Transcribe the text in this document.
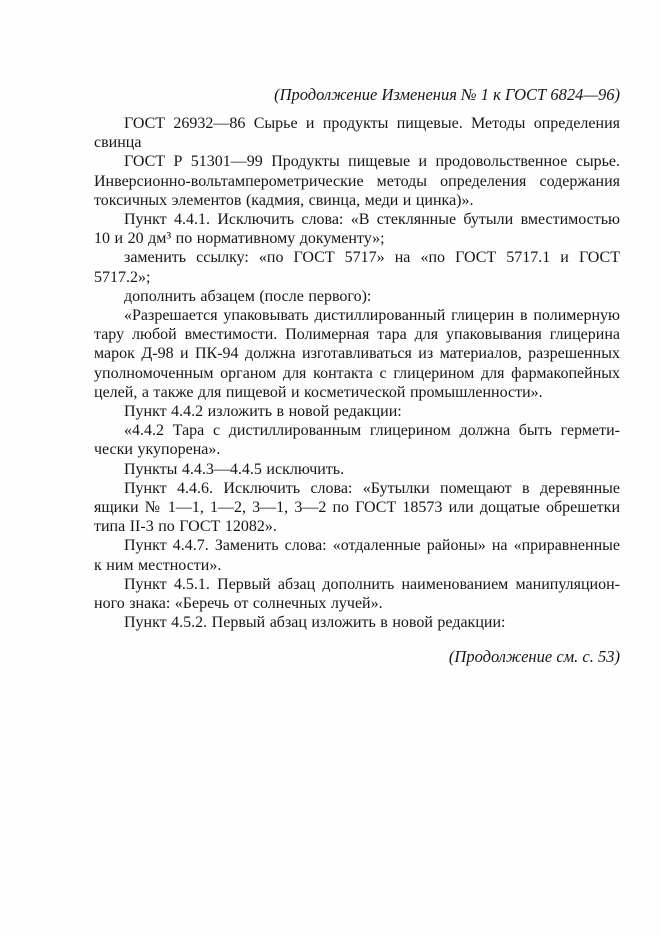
(Продолжение Изменения № 1 к ГОСТ 6824—96)

ГОСТ 26932—86 Сырье и продукты пищевые. Методы определения свинца

ГОСТ Р 51301—99 Продукты пищевые и продовольственное сырье. Инверсионно-вольтамперометрические методы определения содержания токсичных элементов (кадмия, свинца, меди и цинка)».

Пункт 4.4.1. Исключить слова: «В стеклянные бутыли вместимостью 10 и 20 дм³ по нормативному документу»;

заменить ссылку: «по ГОСТ 5717» на «по ГОСТ 5717.1 и ГОСТ 5717.2»;

дополнить абзацем (после первого):

«Разрешается упаковывать дистиллированный глицерин в полимерную тару любой вместимости. Полимерная тара для упаковывания глицерина марок Д-98 и ПК-94 должна изготавливаться из материалов, разрешенных уполномоченным органом для контакта с глицерином для фармакопейных целей, а также для пищевой и косметической промышленности».

Пункт 4.4.2 изложить в новой редакции:

«4.4.2 Тара с дистиллированным глицерином должна быть герметически укупорена».

Пункты 4.4.3—4.4.5 исключить.

Пункт 4.4.6. Исключить слова: «Бутылки помещают в деревянные ящики № 1—1, 1—2, 3—1, 3—2 по ГОСТ 18573 или дощатые обрешетки типа II-3 по ГОСТ 12082».

Пункт 4.4.7. Заменить слова: «отдаленные районы» на «приравненные к ним местности».

Пункт 4.5.1. Первый абзац дополнить наименованием манипуляционного знака: «Беречь от солнечных лучей».

Пункт 4.5.2. Первый абзац изложить в новой редакции:

(Продолжение см. с. 53)
